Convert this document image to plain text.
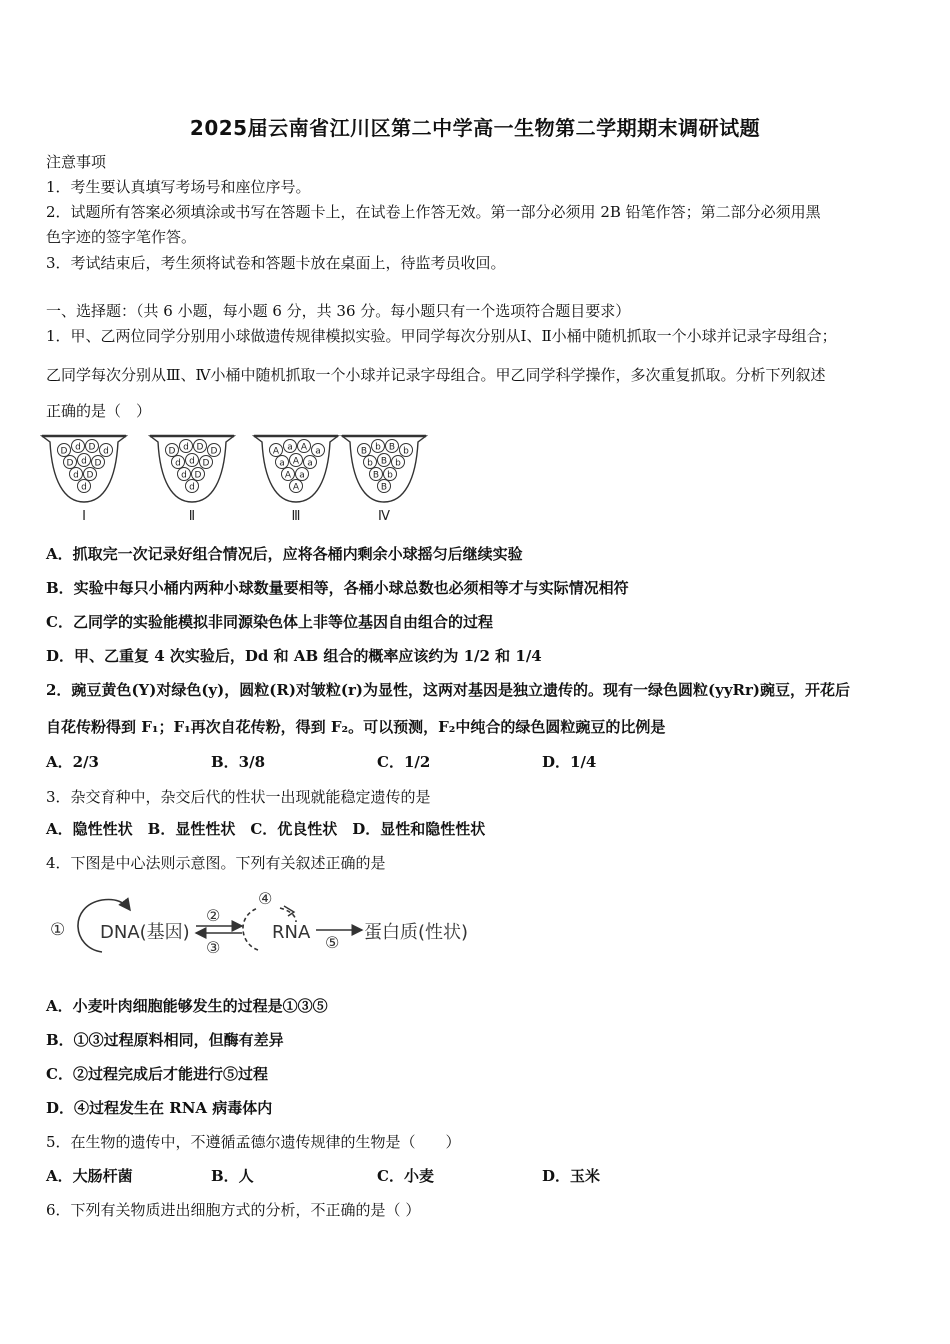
2025届云南省江川区第二中学高一生物第二学期期末调研试题
注意事项
1．考生要认真填写考场号和座位序号。
2．试题所有答案必须填涂或书写在答题卡上，在试卷上作答无效。第一部分必须用 2B 铅笔作答；第二部分必须用黑
色字迹的签字笔作答。
3．考试结束后，考生须将试卷和答题卡放在桌面上，待监考员收回。
一、选择题：（共 6 小题，每小题 6 分，共 36 分。每小题只有一个选项符合题目要求）
1．甲、乙两位同学分别用小球做遗传规律模拟实验。甲同学每次分别从Ⅰ、Ⅱ小桶中随机抓取一个小球并记录字母组合；
乙同学每次分别从Ⅲ、Ⅳ小桶中随机抓取一个小球并记录字母组合。甲乙同学科学操作，多次重复抓取。分析下列叙述
正确的是（　）
D d D d
D d D
d D
d
Ⅰ
D d D D
d d D
d D
d
Ⅱ
A a A a
a A a
A a
A
Ⅲ
B b B b
b B b
B b
B
Ⅳ
A．抓取完一次记录好组合情况后，应将各桶内剩余小球摇匀后继续实验
B．实验中每只小桶内两种小球数量要相等，各桶小球总数也必须相等才与实际情况相符
C．乙同学的实验能模拟非同源染色体上非等位基因自由组合的过程
D．甲、乙重复 4 次实验后，Dd 和 AB 组合的概率应该约为 1/2 和 1/4
2．豌豆黄色(Y)对绿色(y)，圆粒(R)对皱粒(r)为显性，这两对基因是独立遗传的。现有一绿色圆粒(yyRr)豌豆，开花后
自花传粉得到 F₁；F₁再次自花传粉，得到 F₂。可以预测，F₂中纯合的绿色圆粒豌豆的比例是
A．2/3	B．3/8	C．1/2	D．1/4
3．杂交育种中，杂交后代的性状一出现就能稳定遗传的是
A．隐性性状　B．显性性状　C．优良性状　D．显性和隐性性状
4．下图是中心法则示意图。下列有关叙述正确的是
① DNA(基因)
②
③
④
RNA ⑤ 蛋白质(性状)
A．小麦叶肉细胞能够发生的过程是①③⑤
B．①③过程原料相同，但酶有差异
C．②过程完成后才能进行⑤过程
D．④过程发生在 RNA 病毒体内
5．在生物的遗传中，不遵循孟德尔遗传规律的生物是（　　）
A．大肠杆菌	B．人	C．小麦	D．玉米
6．下列有关物质进出细胞方式的分析，不正确的是（ ）
